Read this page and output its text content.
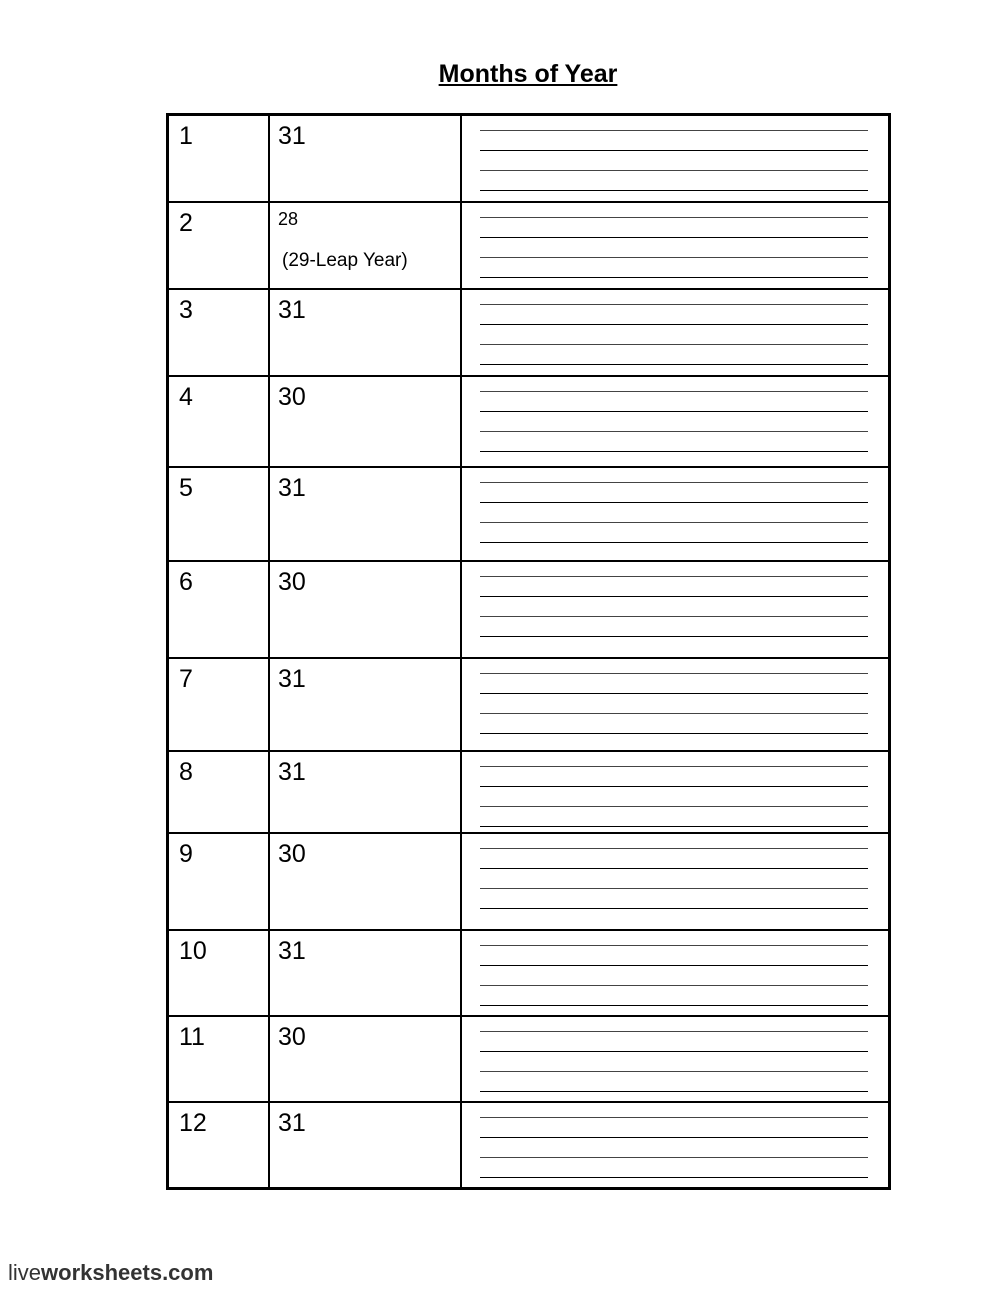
Months of Year
1	31	

2	28
(29-Leap Year)	

3	31	

4	30	

5	31	

6	30	

7	31	

8	31	

9	30	

10	31	

11	30	

12	31	
liveworksheets.com
